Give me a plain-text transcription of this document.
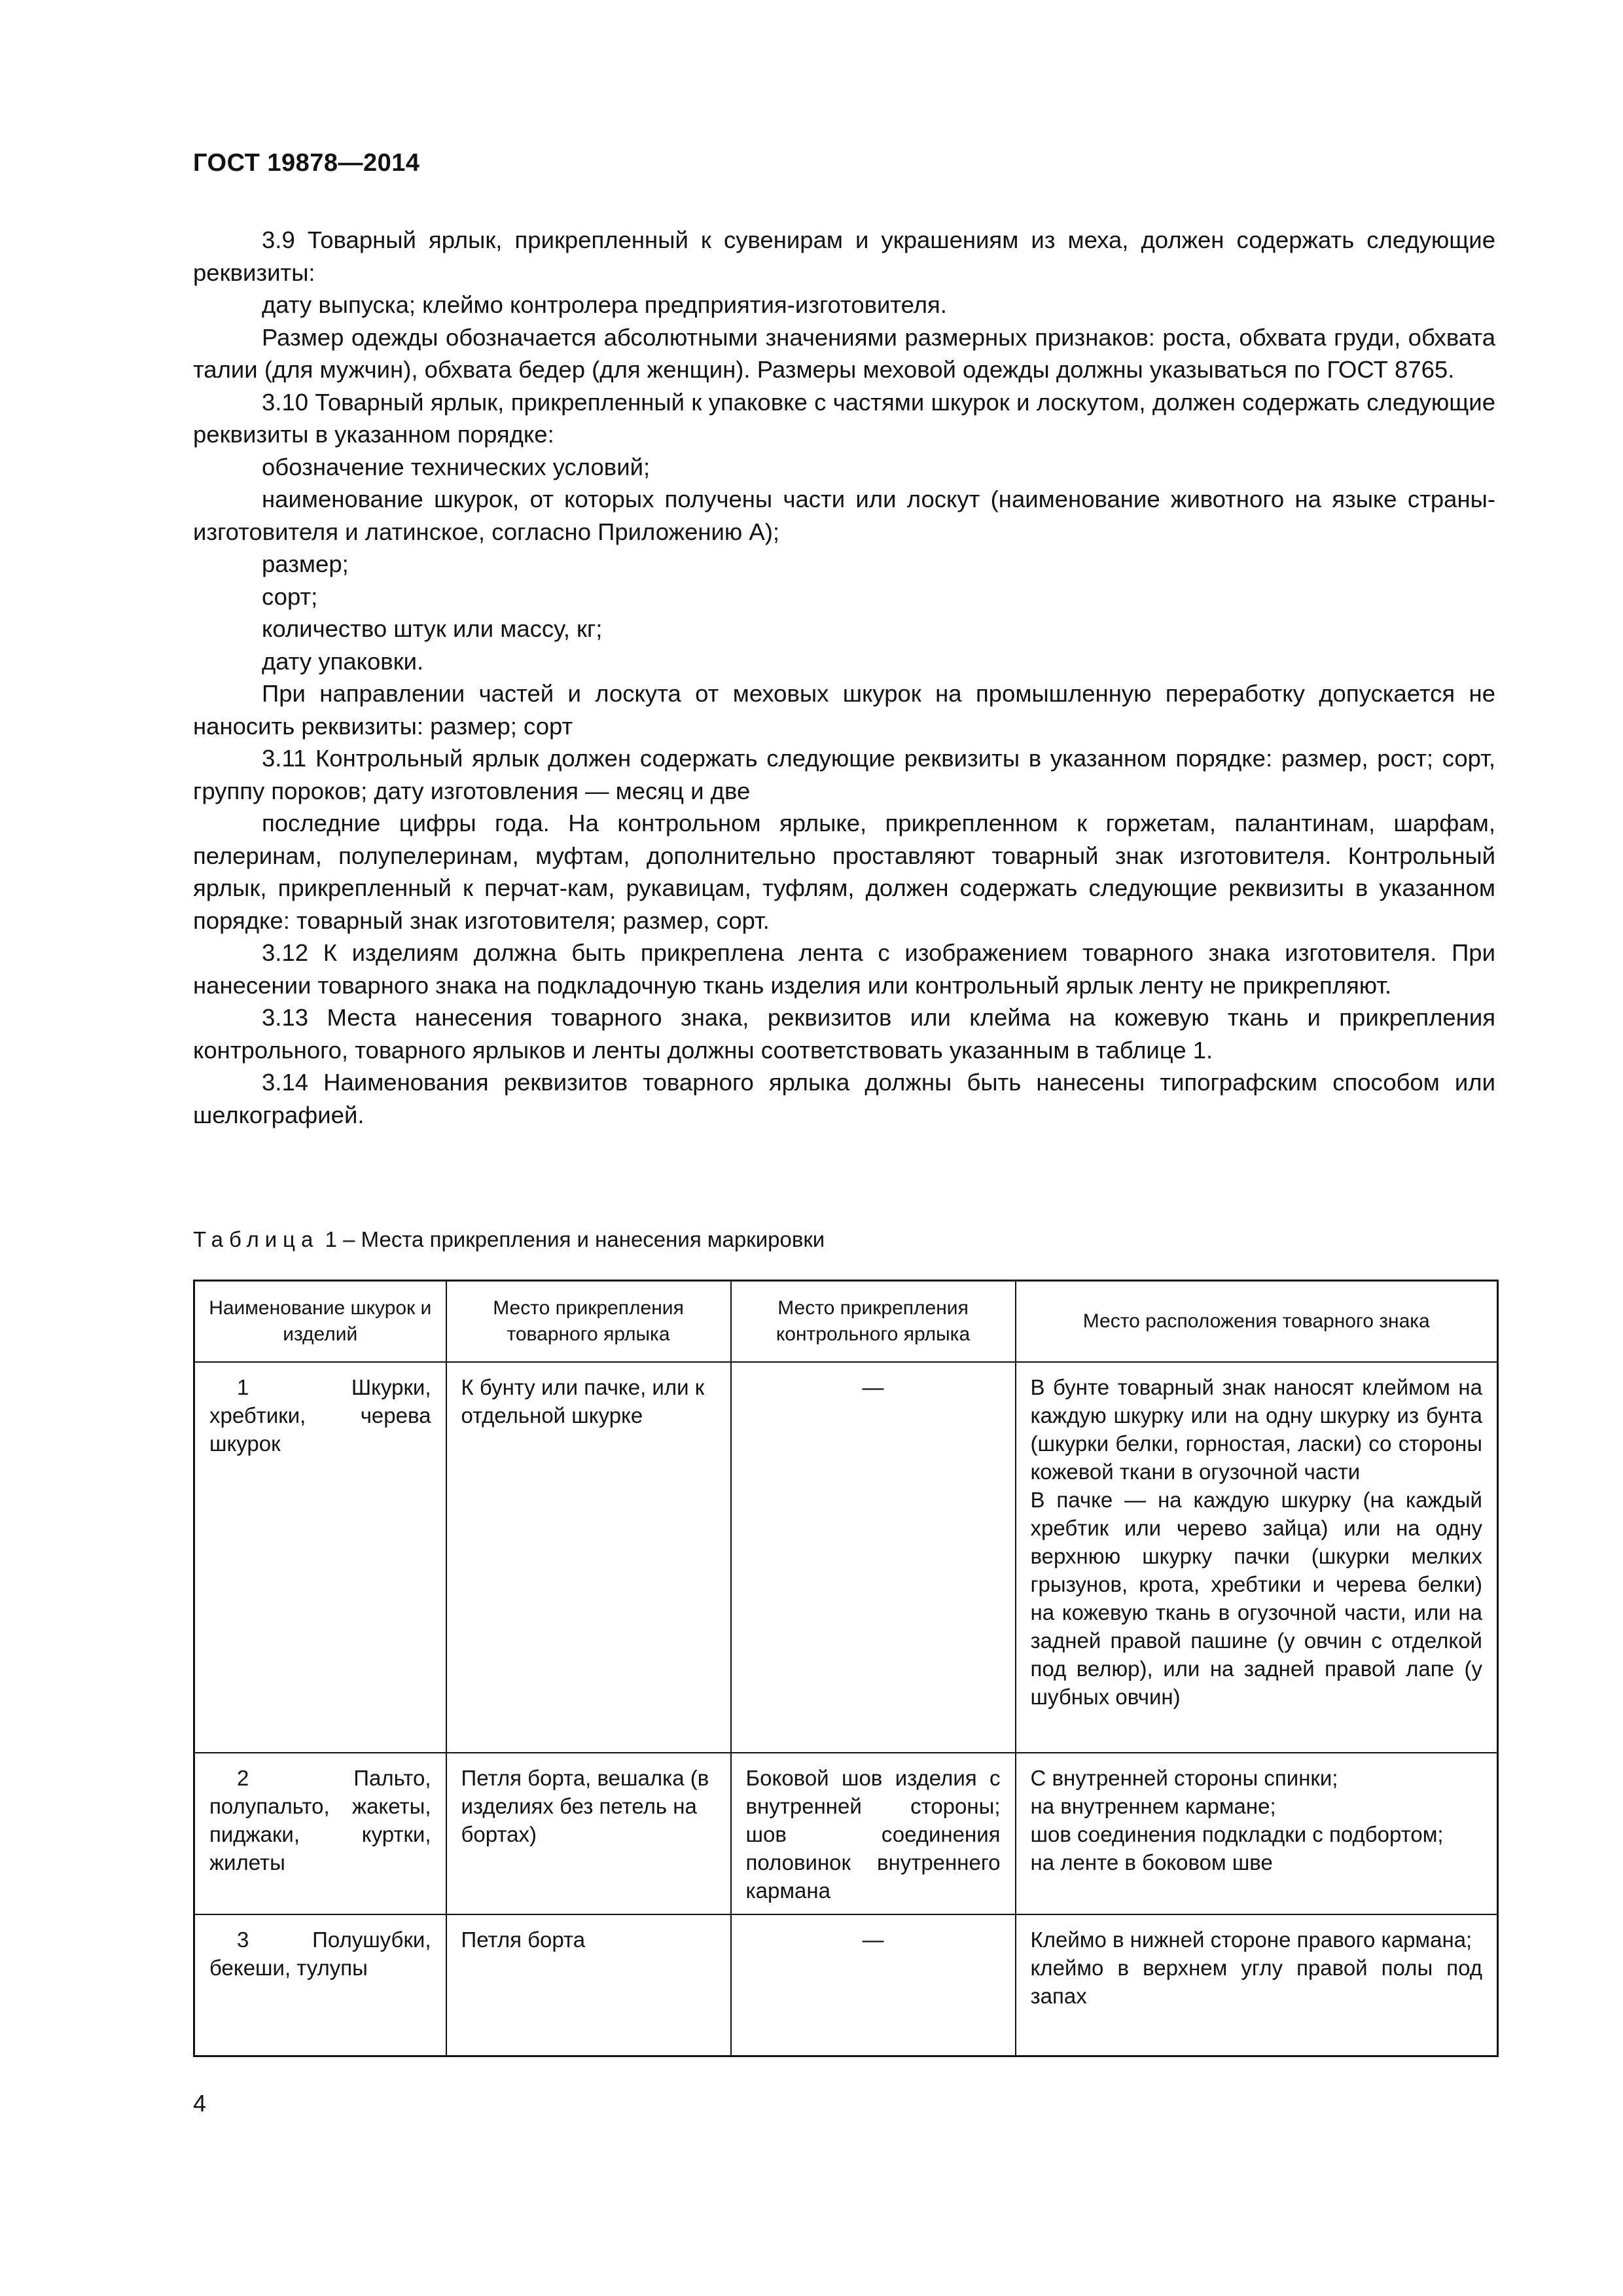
ГОСТ 19878—2014

3.9 Товарный ярлык, прикрепленный к сувенирам и украшениям из меха, должен содержать следующие реквизиты:

дату выпуска; клеймо контролера предприятия-изготовителя.

Размер одежды обозначается абсолютными значениями размерных признаков: роста, обхвата груди, обхвата талии (для мужчин), обхвата бедер (для женщин). Размеры меховой одежды должны указываться по ГОСТ 8765.

3.10 Товарный ярлык, прикрепленный к упаковке с частями шкурок и лоскутом, должен содержать следующие реквизиты в указанном порядке:

обозначение технических условий;

наименование шкурок, от которых получены части или лоскут (наименование животного на языке страны-изготовителя и латинское, согласно Приложению А);

размер;

сорт;

количество штук или массу, кг;

дату упаковки.

При направлении частей и лоскута от меховых шкурок на промышленную переработку допускается не наносить реквизиты: размер; сорт

3.11 Контрольный ярлык должен содержать следующие реквизиты в указанном порядке: размер, рост; сорт, группу пороков; дату изготовления — месяц и две

последние цифры года. На контрольном ярлыке, прикрепленном к горжетам, палантинам, шарфам, пелеринам, полупелеринам, муфтам, дополнительно проставляют товарный знак изготовителя. Контрольный ярлык, прикрепленный к перчат-кам, рукавицам, туфлям, должен содержать следующие реквизиты в указанном порядке: товарный знак изготовителя; размер, сорт.

3.12 К изделиям должна быть прикреплена лента с изображением товарного знака изготовителя. При нанесении товарного знака на подкладочную ткань изделия или контрольный ярлык ленту не прикрепляют.

3.13 Места нанесения товарного знака, реквизитов или клейма на кожевую ткань и прикрепления контрольного, товарного ярлыков и ленты должны соответствовать указанным в таблице 1.

3.14 Наименования реквизитов товарного ярлыка должны быть нанесены типографским способом или шелкографией.

Таблица 1 – Места прикрепления и нанесения маркировки
Наименование шкурок и изделий	Место прикрепления товарного ярлыка	Место прикрепления контрольного ярлыка	Место расположения товарного знака
1 Шкурки, хребтики, черева шкурок	К бунту или пачке, или к отдельной шкурке	—	В бунте товарный знак наносят клеймом на каждую шкурку или на одну шкурку из бунта (шкурки белки, горностая, ласки) со стороны кожевой ткани в огузочной части
В пачке — на каждую шкурку (на каждый хребтик или черево зайца) или на одну верхнюю шкурку пачки (шкурки мелких грызунов, крота, хребтики и черева белки) на кожевую ткань в огузочной части, или на задней правой пашине (у овчин с отделкой под велюр), или на задней правой лапе (у шубных овчин)

2 Пальто, полупальто, жакеты, пиджаки, куртки, жилеты	Петля борта, вешалка (в изделиях без петель на бортах)	Боковой шов изделия с внутренней стороны; шов соединения половинок внутреннего кармана	С внутренней стороны спинки;
на внутреннем кармане;
шов соединения подкладки с подбортом;
на ленте в боковом шве

3 Полушубки, бекеши, тулупы	Петля борта	—	Клеймо в нижней стороне правого кармана;
клеймо в верхнем углу правой полы под запах
4
